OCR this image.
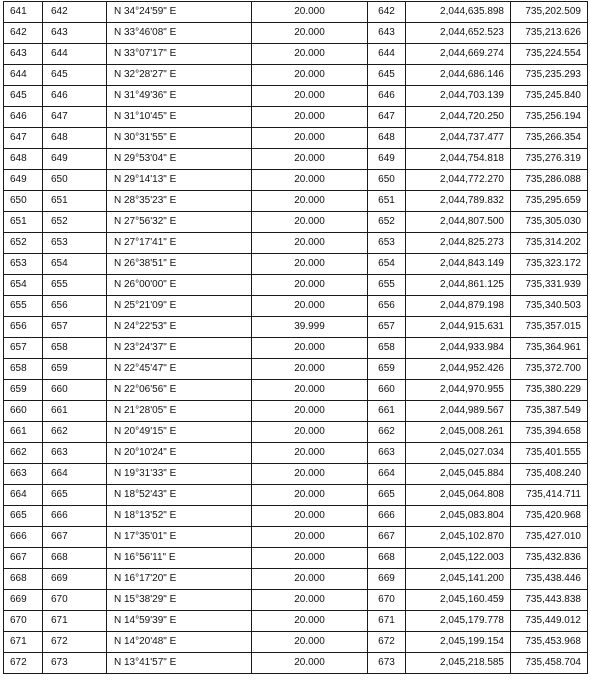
641	642	N 34°24'59" E	20.000	642	2,044,635.898	735,202.509
642	643	N 33°46'08" E	20.000	643	2,044,652.523	735,213.626
643	644	N 33°07'17" E	20.000	644	2,044,669.274	735,224.554
644	645	N 32°28'27" E	20.000	645	2,044,686.146	735,235.293
645	646	N 31°49'36" E	20.000	646	2,044,703.139	735,245.840
646	647	N 31°10'45" E	20.000	647	2,044,720.250	735,256.194
647	648	N 30°31'55" E	20.000	648	2,044,737.477	735,266.354
648	649	N 29°53'04" E	20.000	649	2,044,754.818	735,276.319
649	650	N 29°14'13" E	20.000	650	2,044,772.270	735,286.088
650	651	N 28°35'23" E	20.000	651	2,044,789.832	735,295.659
651	652	N 27°56'32" E	20.000	652	2,044,807.500	735,305.030
652	653	N 27°17'41" E	20.000	653	2,044,825.273	735,314.202
653	654	N 26°38'51" E	20.000	654	2,044,843.149	735,323.172
654	655	N 26°00'00" E	20.000	655	2,044,861.125	735,331.939
655	656	N 25°21'09" E	20.000	656	2,044,879.198	735,340.503
656	657	N 24°22'53" E	39.999	657	2,044,915.631	735,357.015
657	658	N 23°24'37" E	20.000	658	2,044,933.984	735,364.961
658	659	N 22°45'47" E	20.000	659	2,044,952.426	735,372.700
659	660	N 22°06'56" E	20.000	660	2,044,970.955	735,380.229
660	661	N 21°28'05" E	20.000	661	2,044,989.567	735,387.549
661	662	N 20°49'15" E	20.000	662	2,045,008.261	735,394.658
662	663	N 20°10'24" E	20.000	663	2,045,027.034	735,401.555
663	664	N 19°31'33" E	20.000	664	2,045,045.884	735,408.240
664	665	N 18°52'43" E	20.000	665	2,045,064.808	735,414.711
665	666	N 18°13'52" E	20.000	666	2,045,083.804	735,420.968
666	667	N 17°35'01" E	20.000	667	2,045,102.870	735,427.010
667	668	N 16°56'11" E	20.000	668	2,045,122.003	735,432.836
668	669	N 16°17'20" E	20.000	669	2,045,141.200	735,438.446
669	670	N 15°38'29" E	20.000	670	2,045,160.459	735,443.838
670	671	N 14°59'39" E	20.000	671	2,045,179.778	735,449.012
671	672	N 14°20'48" E	20.000	672	2,045,199.154	735,453.968
672	673	N 13°41'57" E	20.000	673	2,045,218.585	735,458.704
